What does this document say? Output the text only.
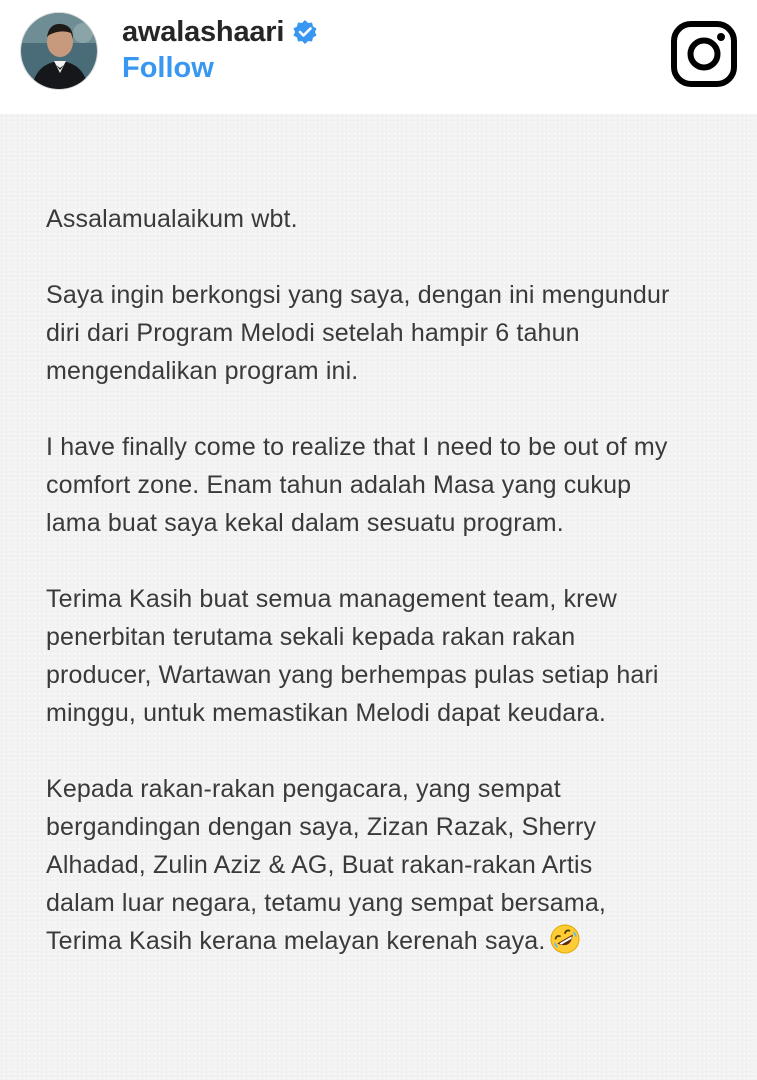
awalashaari
Follow

Assalamualaikum wbt.

Saya ingin berkongsi yang saya, dengan ini mengundur
diri dari Program Melodi setelah hampir 6 tahun
mengendalikan program ini.

I have finally come to realize that I need to be out of my
comfort zone. Enam tahun adalah Masa yang cukup
lama buat saya kekal dalam sesuatu program.

Terima Kasih buat semua management team, krew
penerbitan terutama sekali kepada rakan rakan
producer, Wartawan yang berhempas pulas setiap hari
minggu, untuk memastikan Melodi dapat keudara.

Kepada rakan-rakan pengacara, yang sempat
bergandingan dengan saya, Zizan Razak, Sherry
Alhadad, Zulin Aziz & AG, Buat rakan-rakan Artis
dalam luar negara, tetamu yang sempat bersama,
Terima Kasih kerana melayan kerenah saya.
